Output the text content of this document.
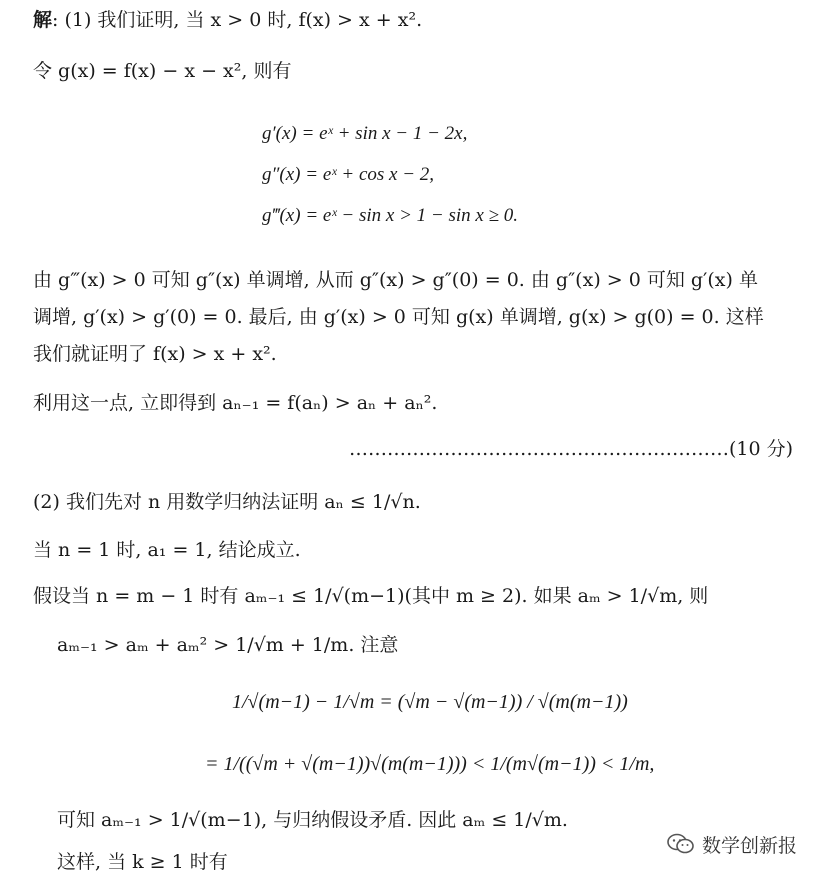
解: (1) 我们证明, 当 x > 0 时, f(x) > x + x².
令 g(x) = f(x) − x − x², 则有
g′(x) = eˣ + sin x − 1 − 2x,
g″(x) = eˣ + cos x − 2,
g‴(x) = eˣ − sin x > 1 − sin x ≥ 0.
由 g‴(x) > 0 可知 g″(x) 单调增, 从而 g″(x) > g″(0) = 0. 由 g″(x) > 0 可知 g′(x) 单
调增, g′(x) > g′(0) = 0. 最后, 由 g′(x) > 0 可知 g(x) 单调增, g(x) > g(0) = 0. 这样
我们就证明了 f(x) > x + x².
利用这一点, 立即得到 aₙ₋₁ = f(aₙ) > aₙ + aₙ².
……………………………………………………(10 分)
(2) 我们先对 n 用数学归纳法证明 aₙ ≤ 1/√n.
当 n = 1 时, a₁ = 1, 结论成立.
假设当 n = m − 1 时有 aₘ₋₁ ≤ 1/√(m−1)(其中 m ≥ 2). 如果 aₘ > 1/√m, 则
aₘ₋₁ > aₘ + aₘ² > 1/√m + 1/m. 注意
1/√(m−1) − 1/√m = (√m − √(m−1)) / √(m(m−1))
= 1/((√m + √(m−1))√(m(m−1))) < 1/(m√(m−1)) < 1/m,
可知 aₘ₋₁ > 1/√(m−1), 与归纳假设矛盾. 因此 aₘ ≤ 1/√m.
这样, 当 k ≥ 1 时有
数学创新报
